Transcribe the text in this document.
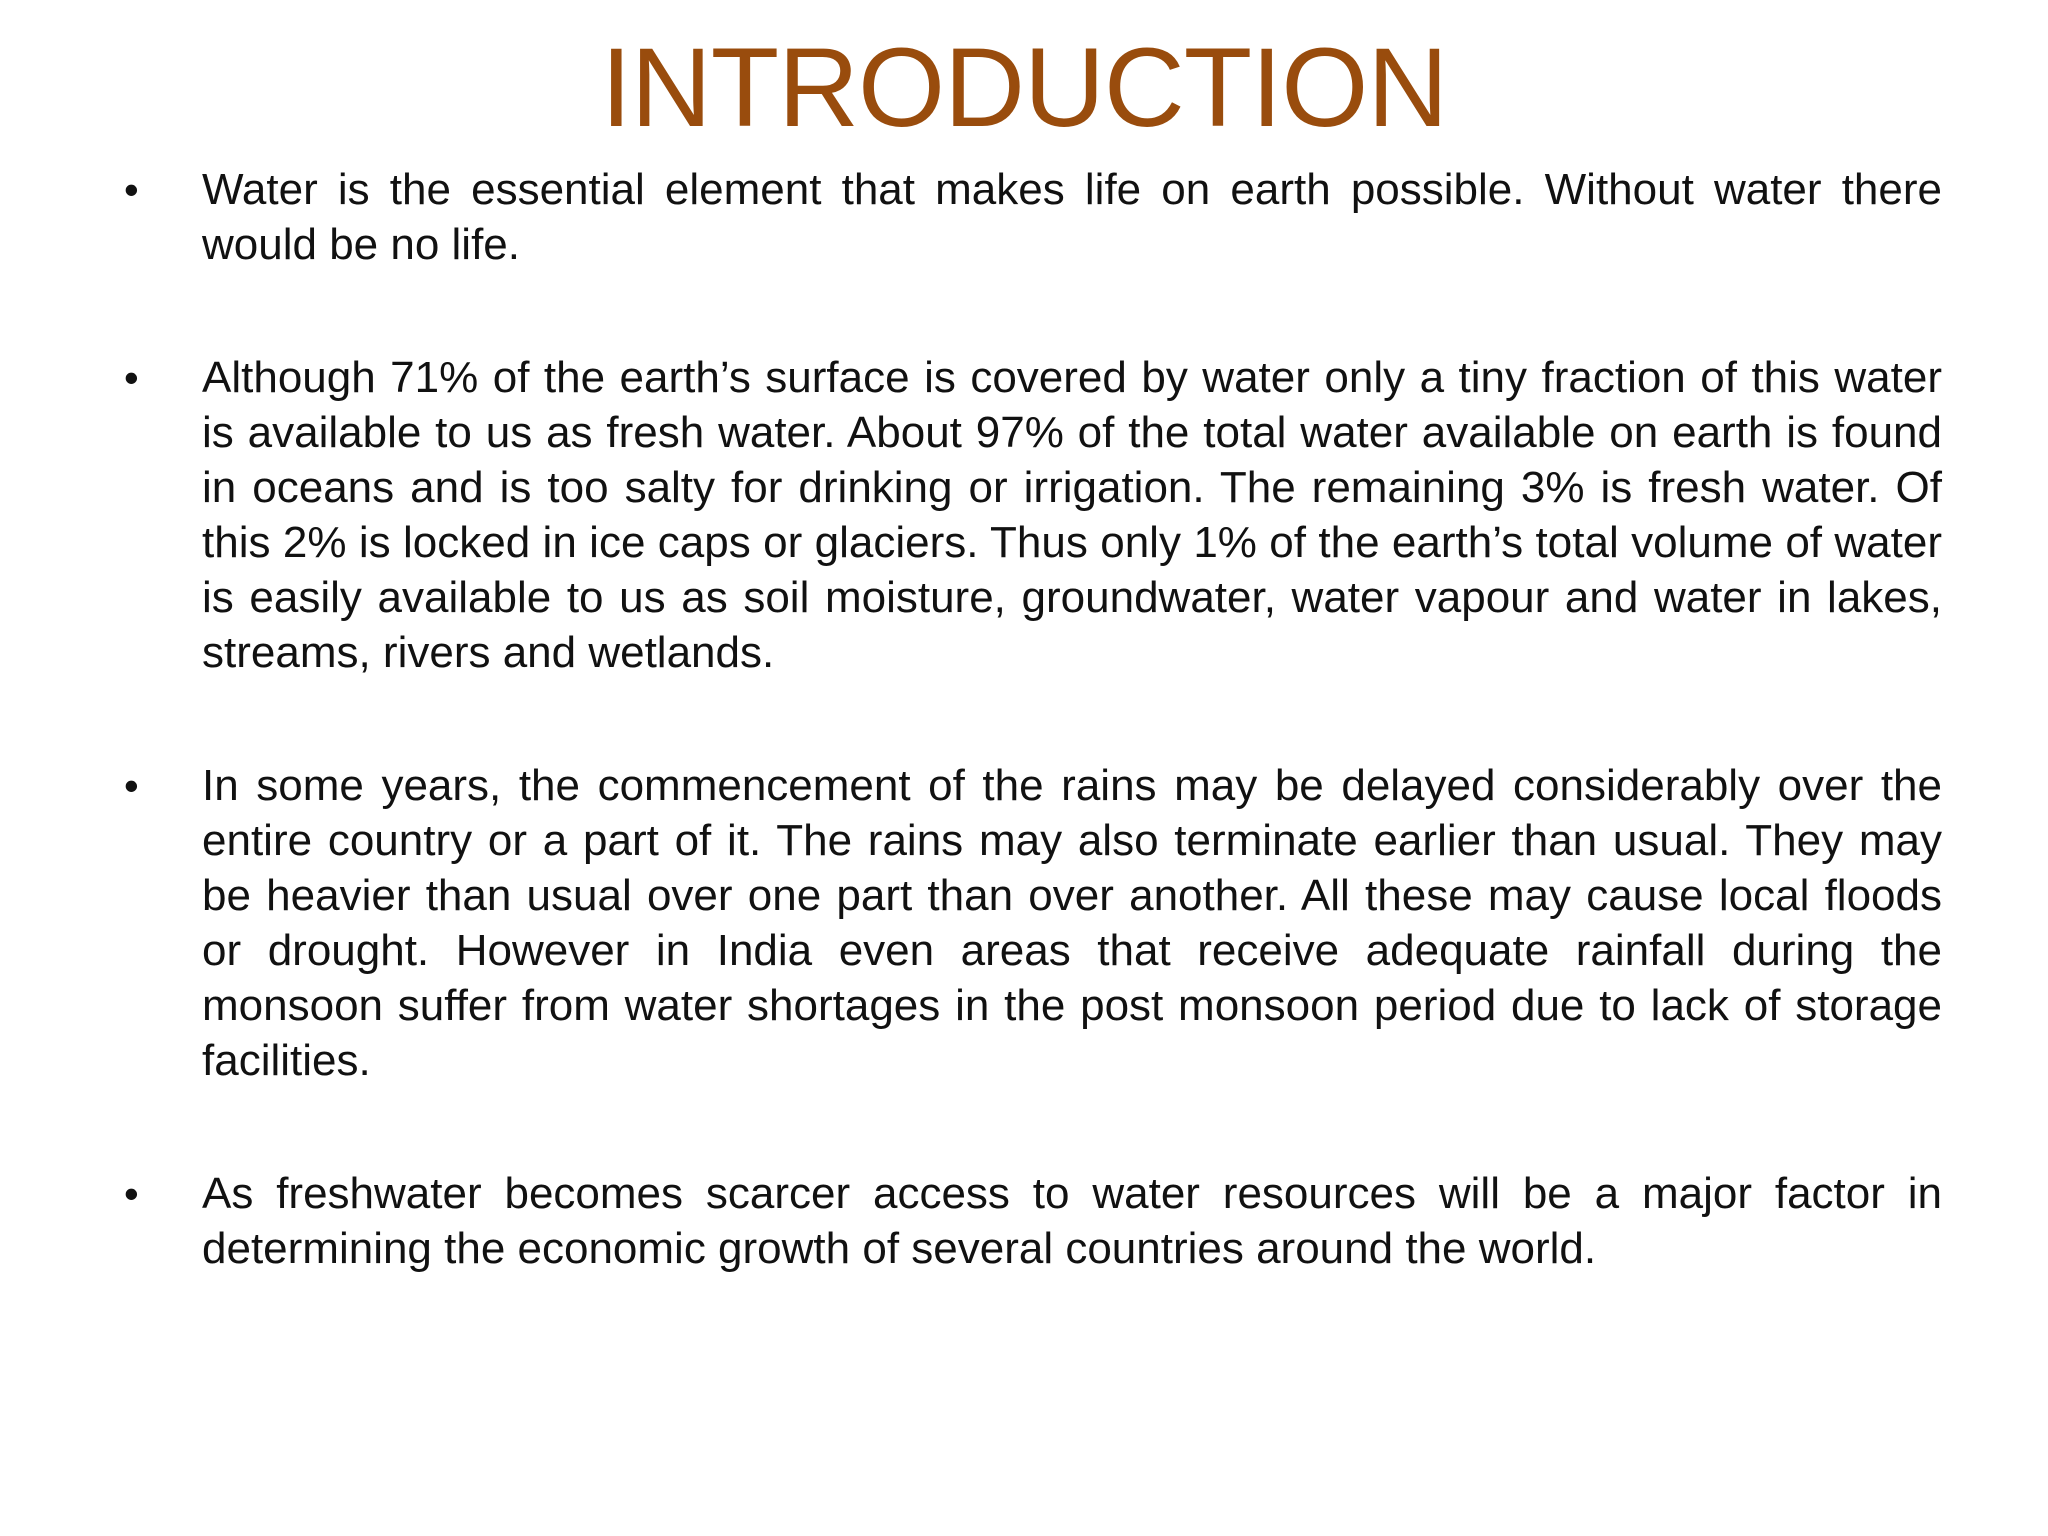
INTRODUCTION
• Water is the essential element that makes life on earth possible. Without water there would be no life.

• Although 71% of the earth’s surface is covered by water only a tiny fraction of this water is available to us as fresh water. About 97% of the total water available on earth is found in oceans and is too salty for drinking or irrigation. The remaining 3% is fresh water. Of this 2% is locked in ice caps or glaciers. Thus only 1% of the earth’s total volume of water is easily available to us as soil moisture, groundwater, water vapour and water in lakes, streams, rivers and wetlands.

• In some years, the commencement of the rains may be delayed considerably over the entire country or a part of it. The rains may also terminate earlier than usual. They may be heavier than usual over one part than over another. All these may cause local floods or drought. However in India even areas that receive adequate rainfall during the monsoon suffer from water shortages in the post monsoon period due to lack of storage facilities.

• As freshwater becomes scarcer access to water resources will be a major factor in determining the economic growth of several countries around the world.
